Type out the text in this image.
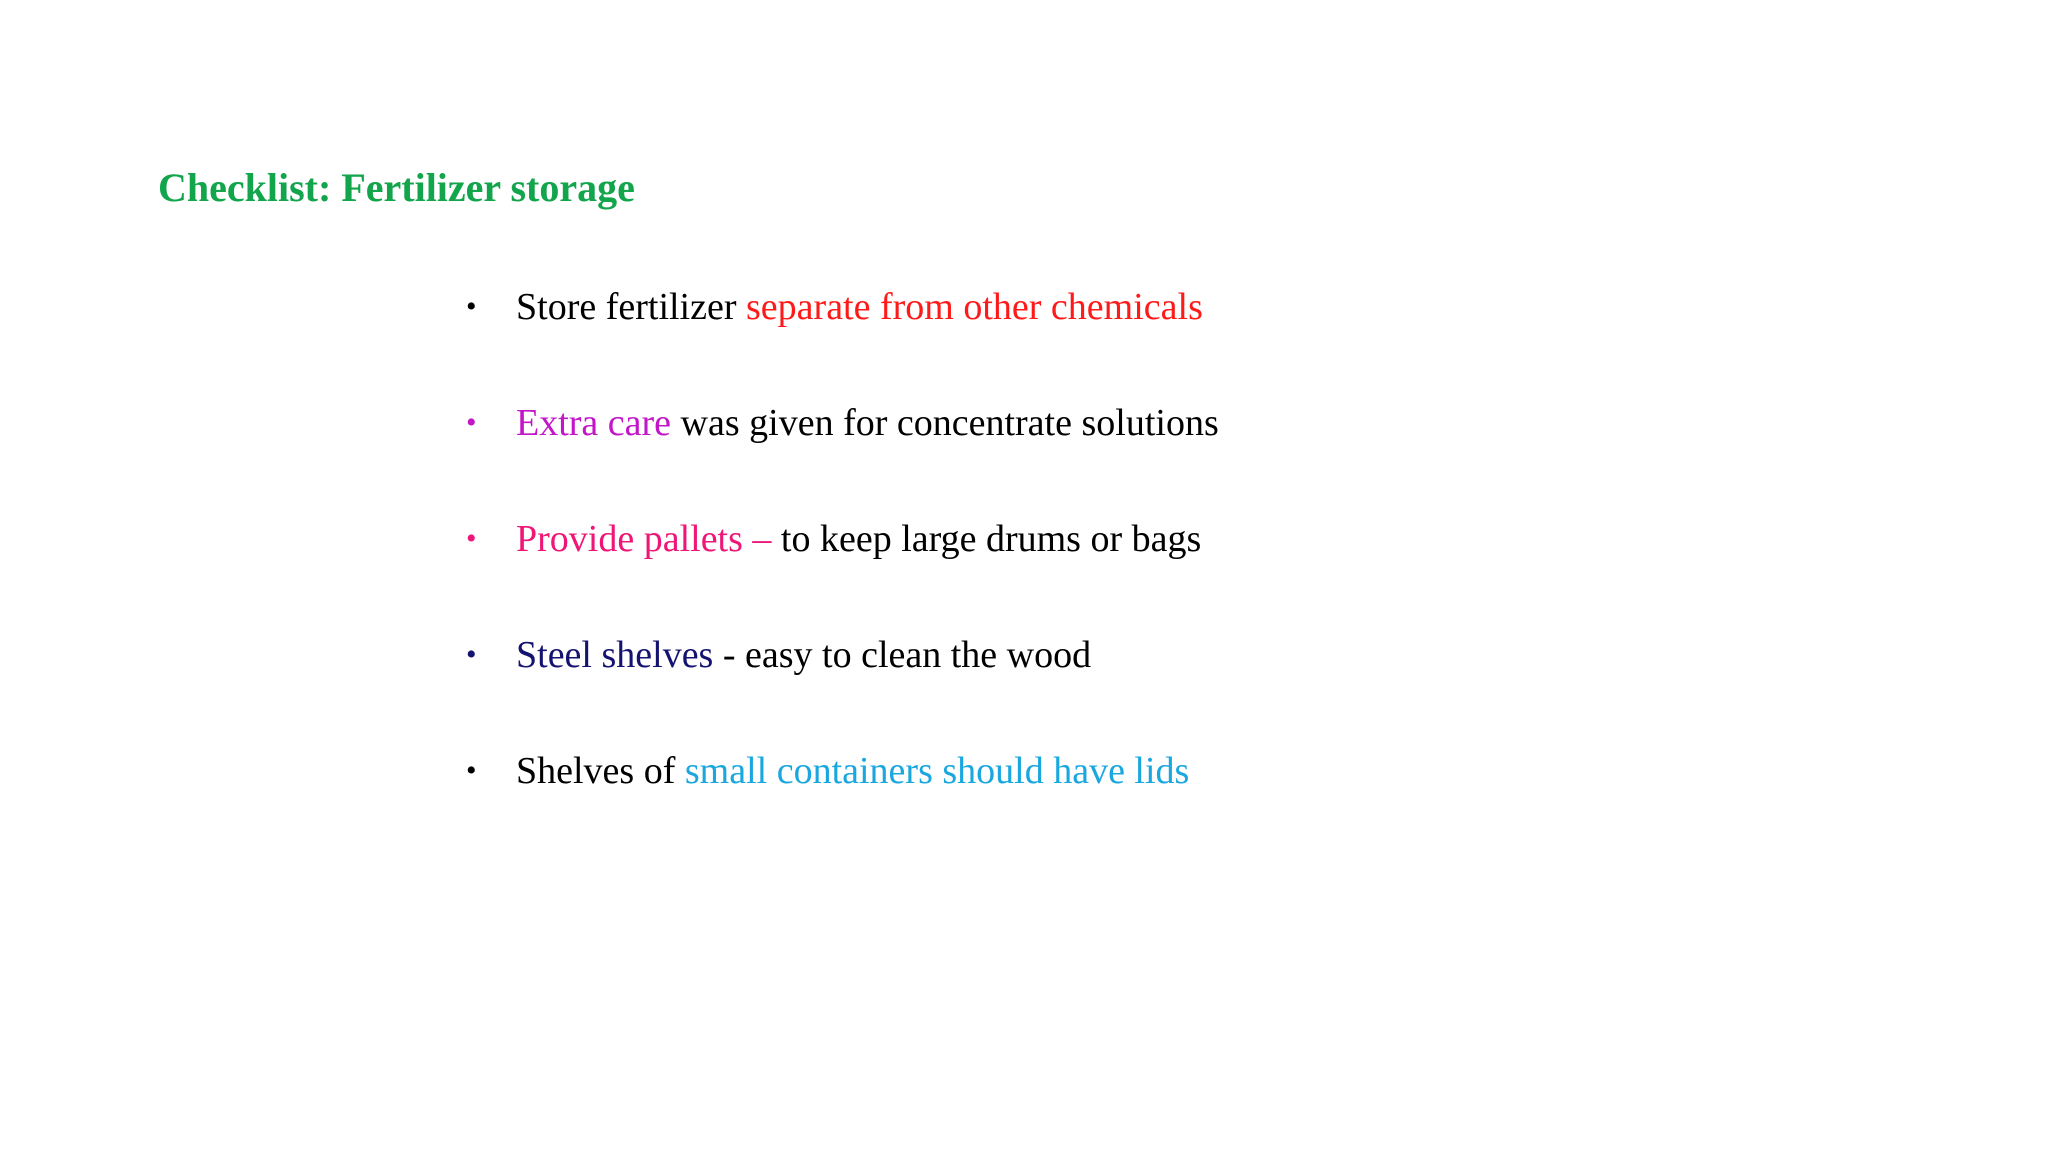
Checklist: Fertilizer storage
•	Store fertilizer separate from other chemicals
•	Extra care was given for concentrate solutions
•	Provide pallets – to keep large drums or bags
•	Steel shelves - easy to clean the wood
•	Shelves of small containers should have lids
